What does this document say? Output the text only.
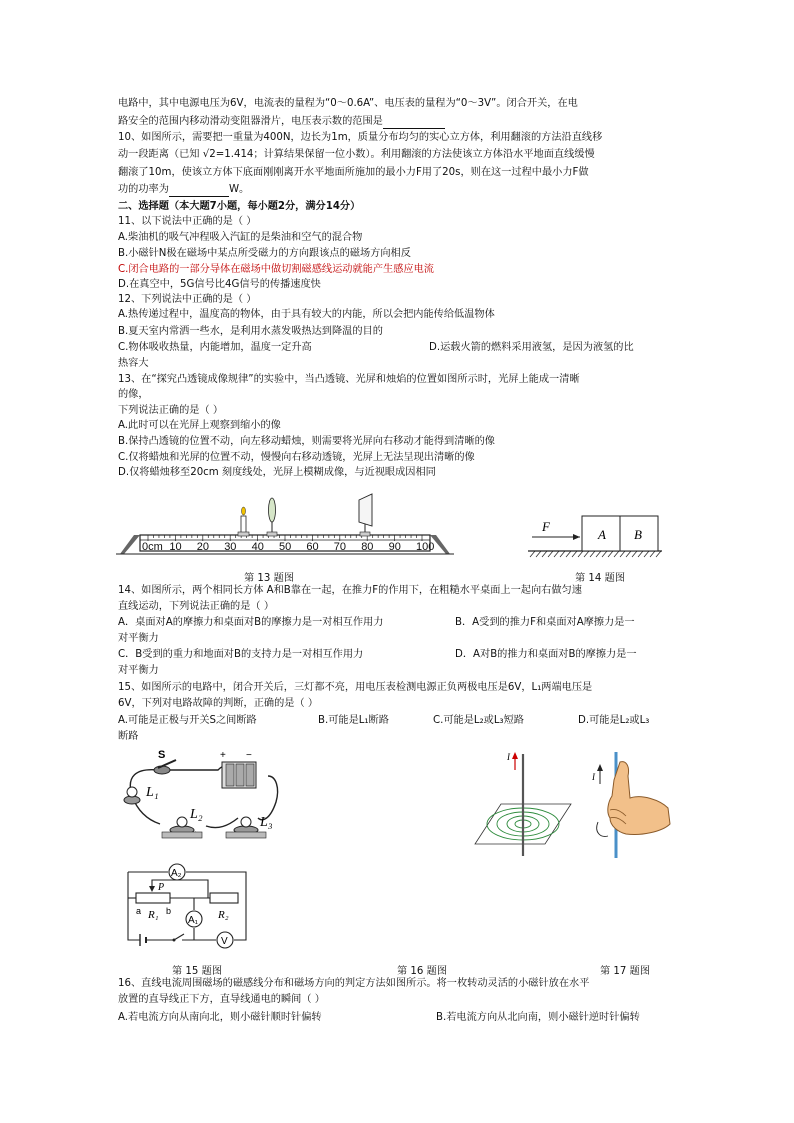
电路中，其中电源电压为6V，电流表的量程为“0～0.6A”、电压表的量程为“0～3V”。闭合开关，在电
路安全的范围内移动滑动变阻器滑片，电压表示数的范围是
10、如图所示，需要把一重量为400N，边长为1m，质量分布均匀的实心立方体，利用翻滚的方法沿直线移
动一段距离（已知 √2=1.414；计算结果保留一位小数）。利用翻滚的方法使该立方体沿水平地面直线缓慢
翻滚了10m，使该立方体下底面刚刚离开水平地面所施加的最小力F用了20s，则在这一过程中最小力F做
功的功率为	W。
二、选择题（本大题7小题，每小题2分，满分14分）
11、以下说法中正确的是（ ）
A.柴油机的吸气冲程吸入汽缸的是柴油和空气的混合物
B.小磁针N极在磁场中某点所受磁力的方向跟该点的磁场方向相反
C.闭合电路的一部分导体在磁场中做切割磁感线运动就能产生感应电流
D.在真空中，5G信号比4G信号的传播速度快
12、下列说法中正确的是（ ）
A.热传递过程中，温度高的物体，由于具有较大的内能，所以会把内能传给低温物体
B.夏天室内常洒一些水，是利用水蒸发吸热达到降温的目的
C.物体吸收热量，内能增加，温度一定升高	D.运载火箭的燃料采用液氢，是因为液氢的比
热容大
13、在“探究凸透镜成像规律”的实验中，当凸透镜、光屏和烛焰的位置如图所示时，光屏上能成一清晰
的像，
下列说法正确的是（ ）
A.此时可以在光屏上观察到缩小的像
B.保持凸透镜的位置不动，向左移动蜡烛，则需要将光屏向右移动才能得到清晰的像
C.仅将蜡烛和光屏的位置不动，慢慢向右移动透镜，光屏上无法呈现出清晰的像
D.仅将蜡烛移至20cm 刻度线处，光屏上模糊成像，与近视眼成因相同
0cm 10 20 30 40 50 60 70 80 90 100
第 13 题图
F
A B
第 14 题图
14、如图所示，两个相同长方体 A和B靠在一起，在推力F的作用下，在粗糙水平桌面上一起向右做匀速
直线运动，下列说法正确的是（ ）
A．桌面对A的摩擦力和桌面对B的摩擦力是一对相互作用力	B．A受到的推力F和桌面对A摩擦力是一
对平衡力
C．B受到的重力和地面对B的支持力是一对相互作用力	D．A对B的推力和桌面对B的摩擦力是一
对平衡力
15、如图所示的电路中，闭合开关后，三灯都不亮，用电压表检测电源正负两极电压是6V，L₁两端电压是
6V，下列对电路故障的判断，正确的是（ ）
A.可能是正极与开关S之间断路	B.可能是L₁断路	C.可能是L₂或L₃短路	D.可能是L₂或L₃
断路
S	+ −
L₁
L₂
L₃
A₂
P
a	b
R₁	R₂
A₁
V
第 15 题图
I
第 16 题图
I
第 17 题图
16、直线电流周围磁场的磁感线分布和磁场方向的判定方法如图所示。将一枚转动灵活的小磁针放在水平
放置的直导线正下方，直导线通电的瞬间（ ）
A.若电流方向从南向北，则小磁针顺时针偏转	B.若电流方向从北向南，则小磁针逆时针偏转
